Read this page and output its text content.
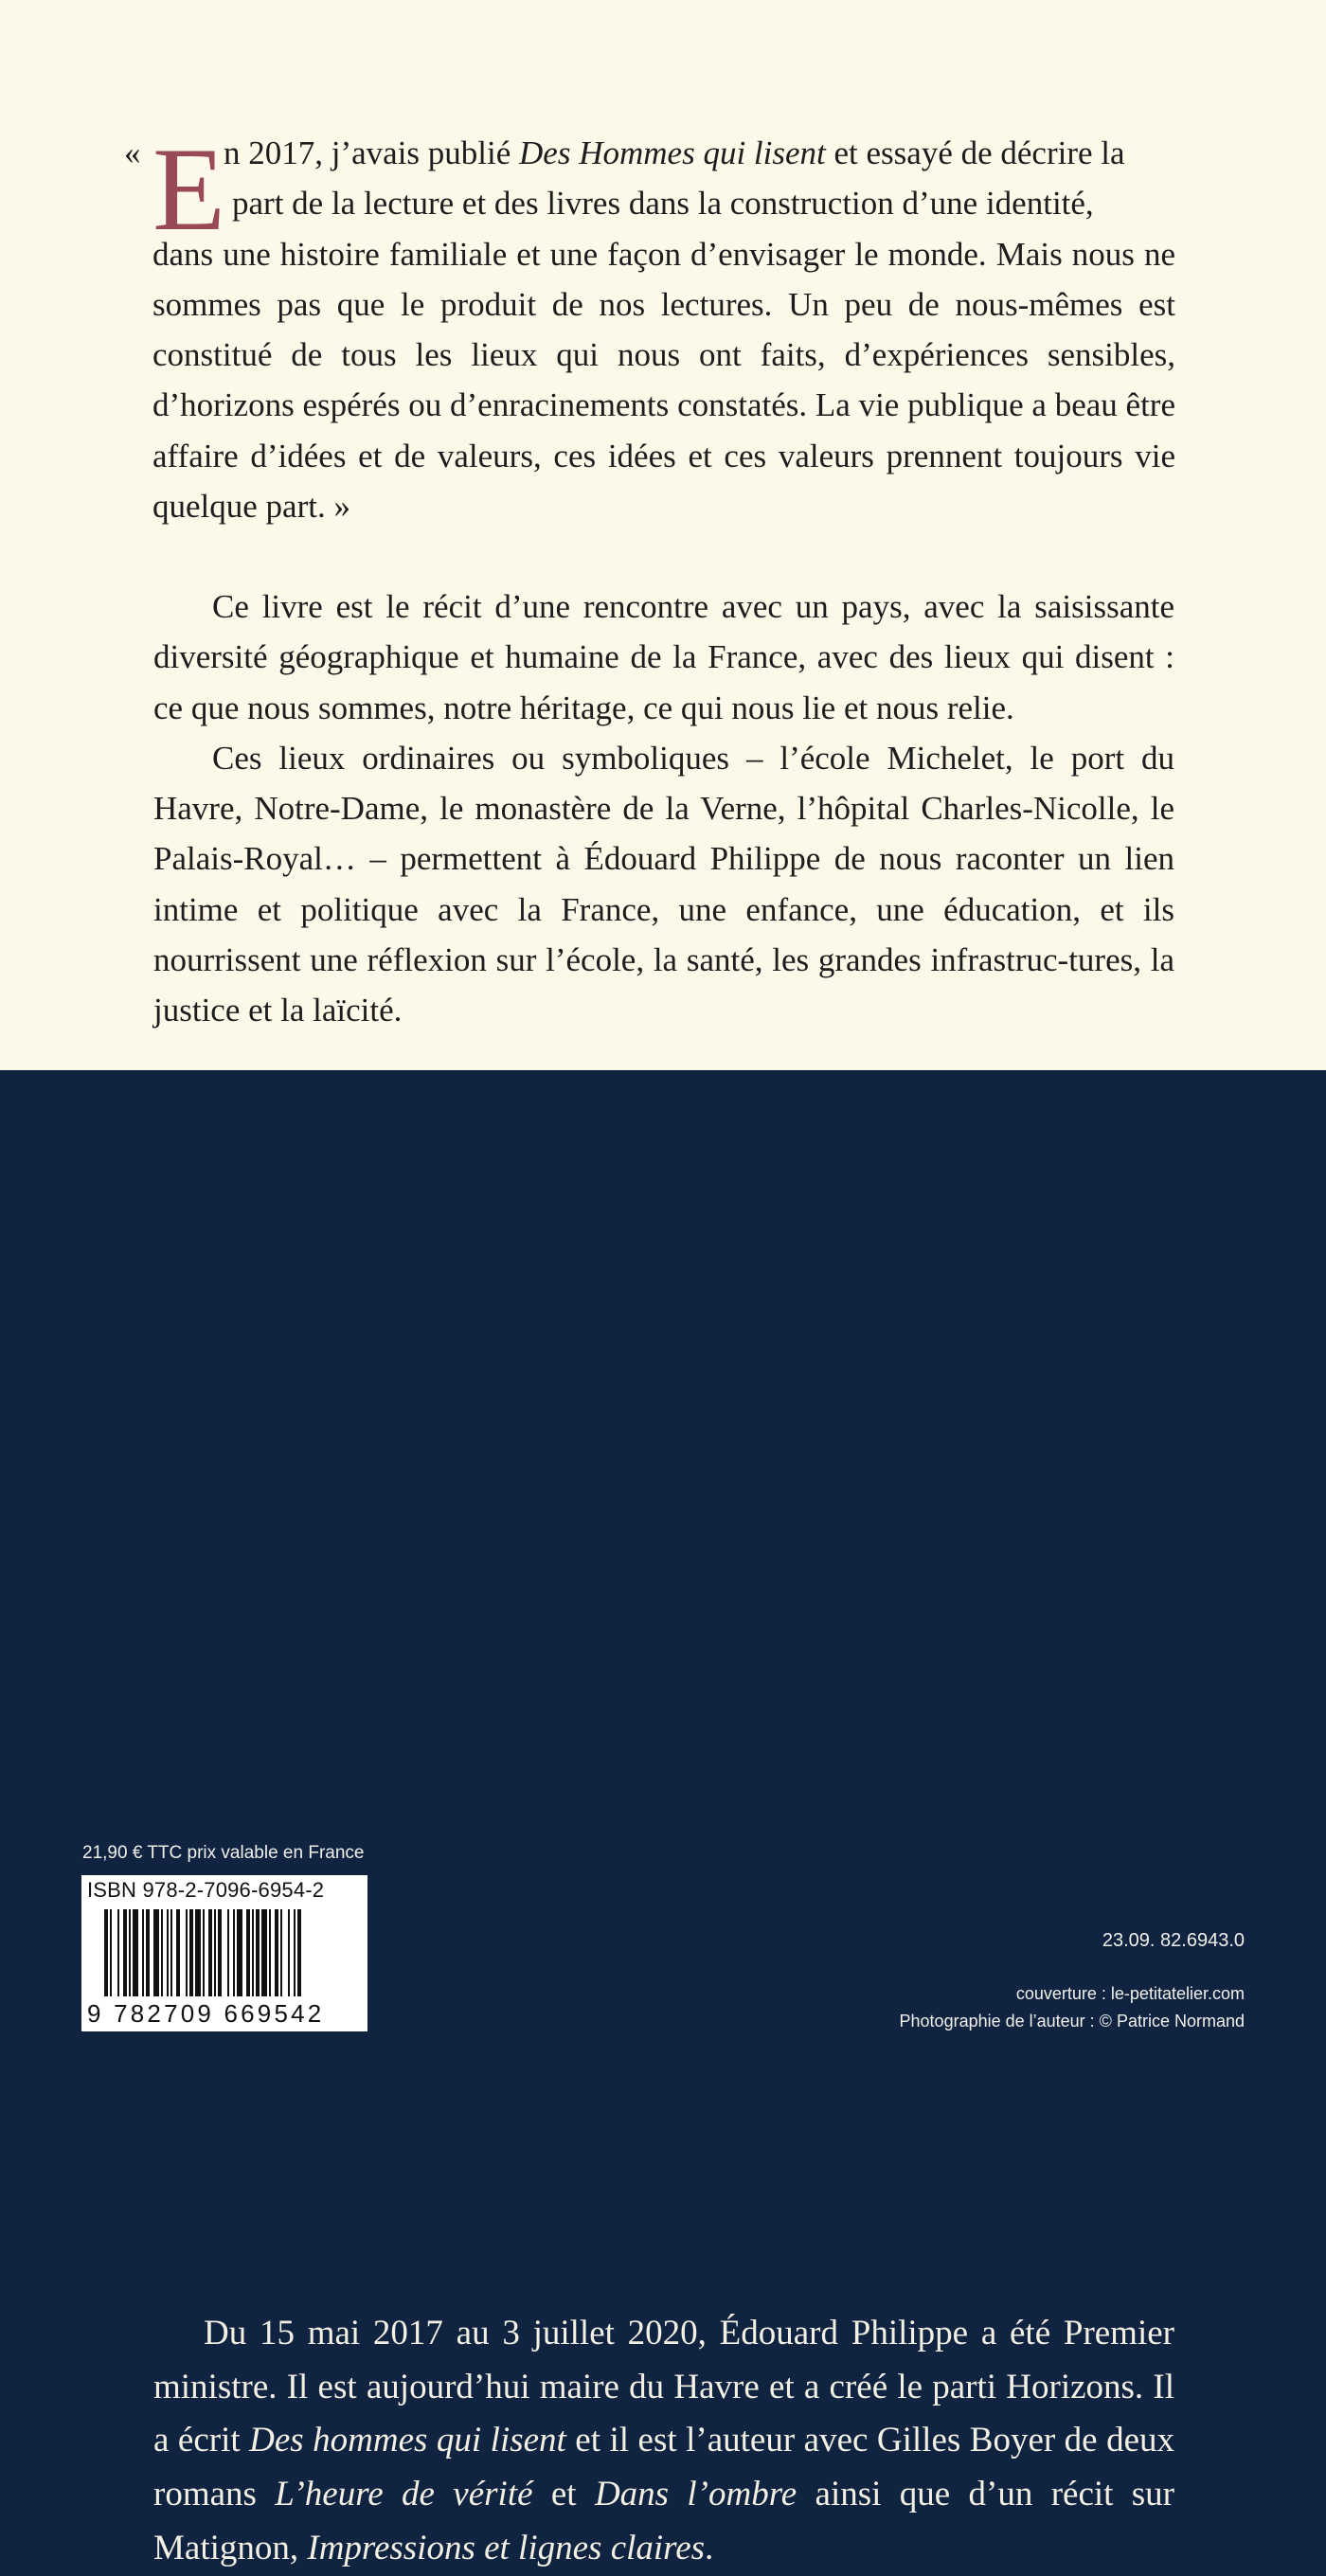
« E
n 2017, j’avais publié Des Hommes qui lisent et essayé de décrire la
part de la lecture et des livres dans la construction d’une identité,
dans une histoire familiale et une façon d’envisager le monde. Mais nous ne sommes pas que le produit de nos lectures. Un peu de nous-mêmes est constitué de tous les lieux qui nous ont faits, d’expériences sensibles, d’horizons espérés ou d’enracinements constatés. La vie publique a beau être affaire d’idées et de valeurs, ces idées et ces valeurs prennent toujours vie quelque part. »

Ce livre est le récit d’une rencontre avec un pays, avec la saisissante diversité géographique et humaine de la France, avec des lieux qui disent : ce que nous sommes, notre héritage, ce qui nous lie et nous relie.

Ces lieux ordinaires ou symboliques – l’école Michelet, le port du Havre, Notre-Dame, le monastère de la Verne, l’hôpital Charles-Nicolle, le Palais-Royal… – permettent à Édouard Philippe de nous raconter un lien intime et politique avec la France, une enfance, une éducation, et ils nourrissent une réflexion sur l’école, la santé, les grandes infrastruc-tures, la justice et la laïcité.

Du 15 mai 2017 au 3 juillet 2020, Édouard Philippe a été Premier ministre. Il est aujourd’hui maire du Havre et a créé le parti Horizons. Il a écrit Des hommes qui lisent et il est l’auteur avec Gilles Boyer de deux romans L’heure de vérité et Dans l’ombre ainsi que d’un récit sur Matignon, Impressions et lignes claires.
21,90 € TTC prix valable en France
ISBN 978-2-7096-6954-2
9 782709 669542
23.09. 82.6943.0
couverture : le-petitatelier.com
Photographie de l’auteur : © Patrice Normand
